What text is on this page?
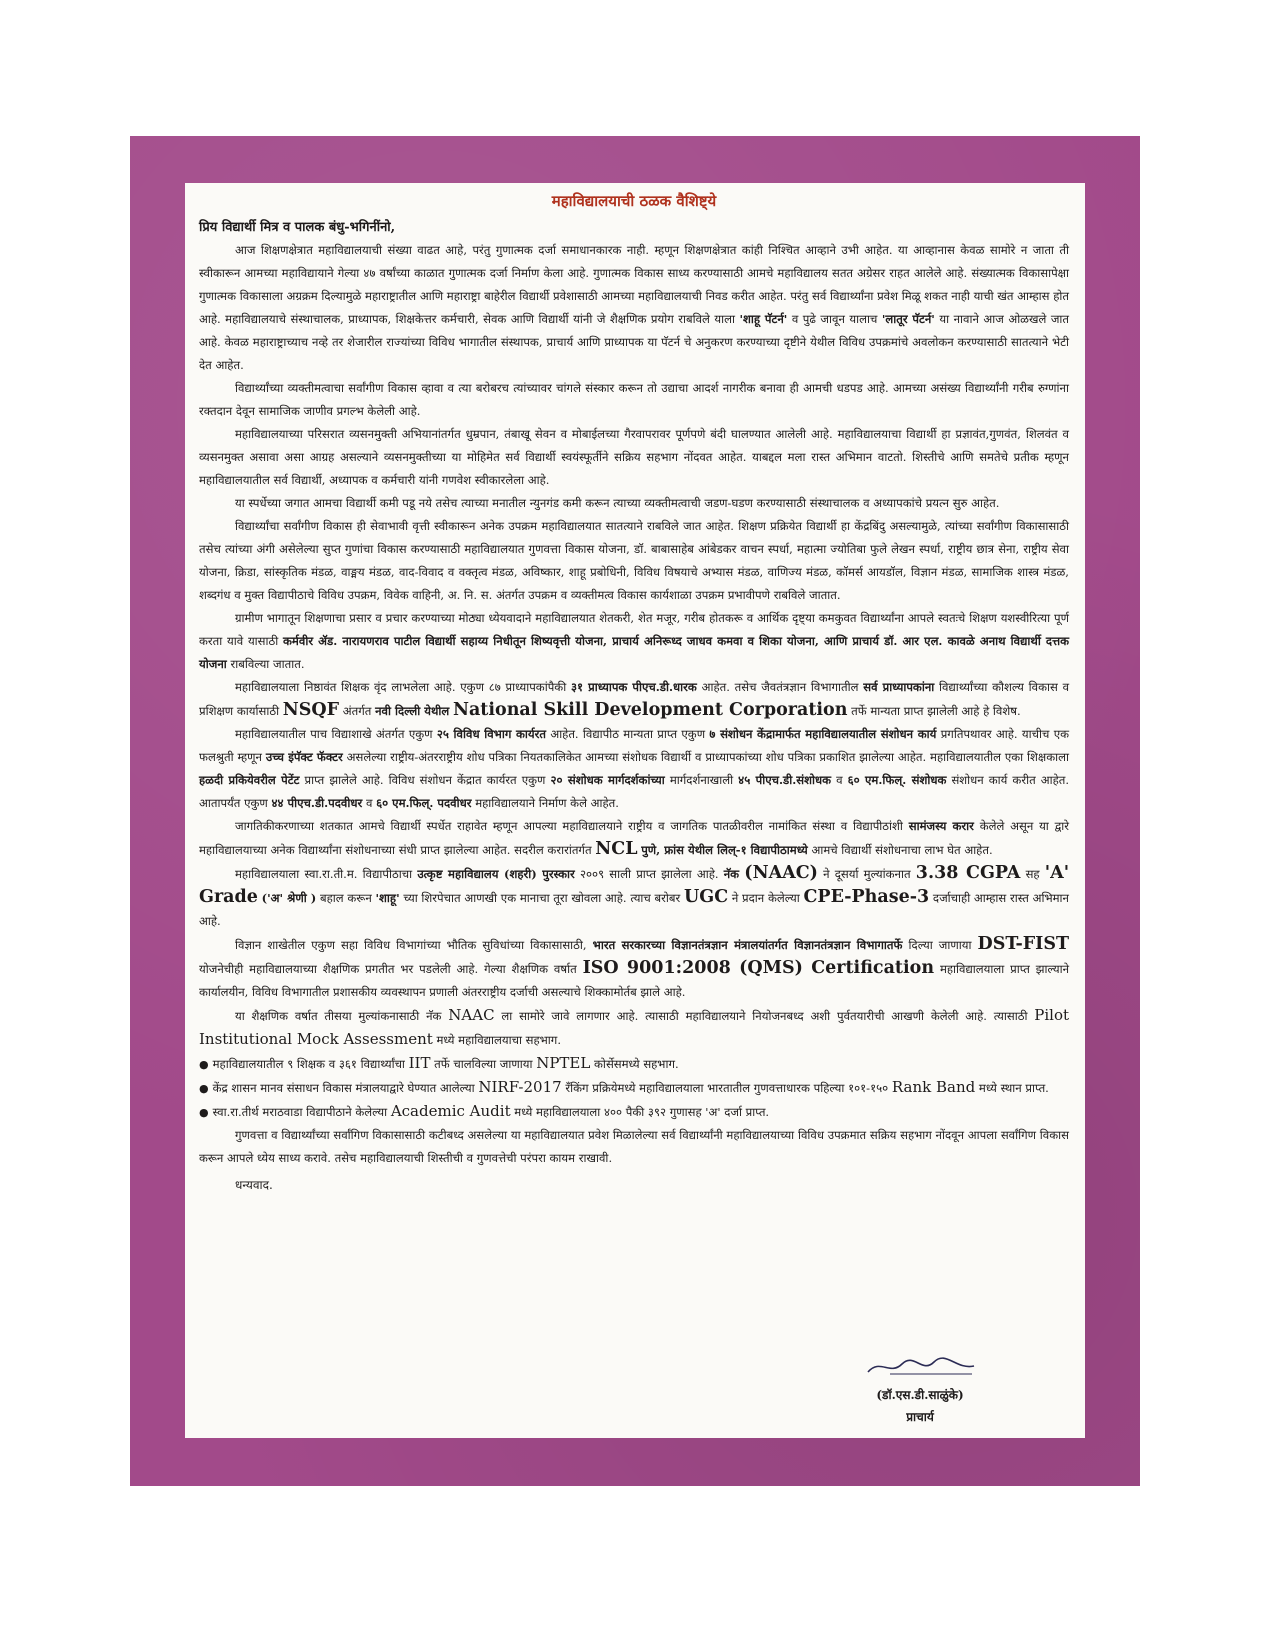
महाविद्यालयाची ठळक वैशिष्ट्ये
प्रिय विद्यार्थी मित्र व पालक बंधु-भगिनींनो,

आज शिक्षणक्षेत्रात महाविद्यालयाची संख्या वाढत आहे, परंतु गुणात्मक दर्जा समाधानकारक नाही. म्हणून शिक्षणक्षेत्रात कांही निश्चित आव्हाने उभी आहेत. या आव्हानास केवळ सामोरे न जाता ती स्वीकारून आमच्या महाविद्यायाने गेल्या ४७ वर्षांच्या काळात गुणात्मक दर्जा निर्माण केला आहे. गुणात्मक विकास साध्य करण्यासाठी आमचे महाविद्यालय सतत अग्रेसर राहत आलेले आहे. संख्यात्मक विकासापेक्षा गुणात्मक विकासाला अग्रक्रम दिल्यामुळे महाराष्ट्रातील आणि महाराष्ट्रा बाहेरील विद्यार्थी प्रवेशासाठी आमच्या महाविद्यालयाची निवड करीत आहेत. परंतु सर्व विद्यार्थ्यांना प्रवेश मिळू शकत नाही याची खंत आम्हास होत आहे. महाविद्यालयाचे संस्थाचालक, प्राध्यापक, शिक्षकेत्तर कर्मचारी, सेवक आणि विद्यार्थी यांनी जे शैक्षणिक प्रयोग राबविले याला 'शाहू पॅटर्न' व पुढे जावून यालाच 'लातूर पॅटर्न' या नावाने आज ओळखले जात आहे. केवळ महाराष्ट्राच्याच नव्हे तर शेजारील राज्यांच्या विविध भागातील संस्थापक, प्राचार्य आणि प्राध्यापक या पॅटर्न चे अनुकरण करण्याच्या दृष्टीने येथील विविध उपक्रमांचे अवलोकन करण्यासाठी सातत्याने भेटी देत आहेत.

विद्यार्थ्यांच्या व्यक्तीमत्वाचा सर्वांगीण विकास व्हावा व त्या बरोबरच त्यांच्यावर चांगले संस्कार करून तो उद्याचा आदर्श नागरीक बनावा ही आमची धडपड आहे. आमच्या असंख्य विद्यार्थ्यांनी गरीब रुग्णांना रक्तदान देवून सामाजिक जाणीव प्रगल्भ केलेली आहे.

महाविद्यालयाच्या परिसरात व्यसनमुक्ती अभियानांतर्गत धुम्रपान, तंबाखू सेवन व मोबाईलच्या गैरवापरावर पूर्णपणे बंदी घालण्यात आलेली आहे. महाविद्यालयाचा विद्यार्थी हा प्रज्ञावंत,गुणवंत, शिलवंत व व्यसनमुक्त असावा असा आग्रह असल्याने व्यसनमुक्तीच्या या मोहिमेत सर्व विद्यार्थी स्वयंस्फूर्तीने सक्रिय सहभाग नोंदवत आहेत. याबद्दल मला रास्त अभिमान वाटतो. शिस्तीचे आणि समतेचे प्रतीक म्हणून महाविद्यालयातील सर्व विद्यार्थी, अध्यापक व कर्मचारी यांनी गणवेश स्वीकारलेला आहे.

या स्पर्धेच्या जगात आमचा विद्यार्थी कमी पडू नये तसेच त्याच्या मनातील न्युनगंड कमी करून त्याच्या व्यक्तीमत्वाची जडण-घडण करण्यासाठी संस्थाचालक व अध्यापकांचे प्रयत्न सुरु आहेत.

विद्यार्थ्यांचा सर्वांगीण विकास ही सेवाभावी वृत्ती स्वीकारून अनेक उपक्रम महाविद्यालयात सातत्याने राबविले जात आहेत. शिक्षण प्रक्रियेत विद्यार्थी हा केंद्रबिंदु असल्यामुळे, त्यांच्या सर्वांगीण विकासासाठी तसेच त्यांच्या अंगी असेलेल्या सुप्त गुणांचा विकास करण्यासाठी महाविद्यालयात गुणवत्ता विकास योजना, डॉ. बाबासाहेब आंबेडकर वाचन स्पर्धा, महात्मा ज्योतिबा फुले लेखन स्पर्धा, राष्ट्रीय छात्र सेना, राष्ट्रीय सेवा योजना, क्रिडा, सांस्कृतिक मंडळ, वाङ्मय मंडळ, वाद-विवाद व वक्तृत्व मंडळ, अविष्कार, शाहू प्रबोधिनी, विविध विषयाचे अभ्यास मंडळ, वाणिज्य मंडळ, कॉमर्स आयडॉल, विज्ञान मंडळ, सामाजिक शास्त्र मंडळ, शब्दगंध व मुक्त विद्यापीठाचे विविध उपक्रम, विवेक वाहिनी, अ. नि. स. अंतर्गत उपक्रम व व्यक्तीमत्व विकास कार्यशाळा उपक्रम प्रभावीपणे राबविले जातात.

ग्रामीण भागातून शिक्षणाचा प्रसार व प्रचार करण्याच्या मोठ्या ध्येयवादाने महाविद्यालयात शेतकरी, शेत मजूर, गरीब होतकरू व आर्थिक दृष्ट्या कमकुवत विद्यार्थ्यांना आपले स्वतःचे शिक्षण यशस्वीरित्या पूर्ण करता यावे यासाठी कर्मवीर ॲड. नारायणराव पाटील विद्यार्थी सहाय्य निधीतून शिष्यवृत्ती योजना, प्राचार्य अनिरूध्द जाधव कमवा व शिका योजना, आणि प्राचार्य डॉ. आर एल. कावळे अनाथ विद्यार्थी दत्तक योजना राबविल्या जातात.

महाविद्यालयाला निष्ठावंत शिक्षक वृंद लाभलेला आहे. एकुण ८७ प्राध्यापकांपैकी ३१ प्राध्यापक पीएच.डी.धारक आहेत. तसेच जैवतंत्रज्ञान विभागातील सर्व प्राध्यापकांना विद्यार्थ्यांच्या कौशल्य विकास व प्रशिक्षण कार्यासाठी NSQF अंतर्गत नवी दिल्ली येथील National Skill Development Corporation तर्फे मान्यता प्राप्त झालेली आहे हे विशेष.

महाविद्यालयातील पाच विद्याशाखे अंतर्गत एकुण २५ विविध विभाग कार्यरत आहेत. विद्यापीठ मान्यता प्राप्त एकुण ७ संशोधन केंद्रामार्फत महाविद्यालयातील संशोधन कार्य प्रगतिपथावर आहे. याचीच एक फलश्रुती म्हणून उच्च इंपॅक्ट फॅक्टर असलेल्या राष्ट्रीय-अंतरराष्ट्रीय शोध पत्रिका नियतकालिकेत आमच्या संशोधक विद्यार्थी व प्राध्यापकांच्या शोध पत्रिका प्रकाशित झालेल्या आहेत. महाविद्यालयातील एका शिक्षकाला हळदी प्रकियेवरील पेटेंट प्राप्त झालेले आहे. विविध संशोधन केंद्रात कार्यरत एकुण २० संशोधक मार्गदर्शकांच्या मार्गदर्शनाखाली ४५ पीएच.डी.संशोधक व ६० एम.फिल्. संशोधक संशोधन कार्य करीत आहेत. आतापर्यंत एकुण ४४ पीएच.डी.पदवीधर व ६० एम.फिल्. पदवीधर महाविद्यालयाने निर्माण केले आहेत.

जागतिकीकरणाच्या शतकात आमचे विद्यार्थी स्पर्धेत राहावेत म्हणून आपल्या महाविद्यालयाने राष्ट्रीय व जागतिक पातळीवरील नामांकित संस्था व विद्यापीठांशी सामंजस्य करार केलेले असून या द्वारे महाविद्यालयाच्या अनेक विद्यार्थ्यांना संशोधनाच्या संधी प्राप्त झालेल्या आहेत. सदरील करारांतर्गत NCL पुणे, फ्रांस येथील लिल्-१ विद्यापीठामध्ये आमचे विद्यार्थी संशोधनाचा लाभ घेत आहेत.

महाविद्यालयाला स्वा.रा.ती.म. विद्यापीठाचा उत्कृष्ट महाविद्यालय (शहरी) पुरस्कार २००९ साली प्राप्त झालेला आहे. नॅक (NAAC) ने दूसर्या मुल्यांकनात 3.38 CGPA सह 'A' Grade ('अ' श्रेणी ) बहाल करून 'शाहू' च्या शिरपेचात आणखी एक मानाचा तूरा खोवला आहे. त्याच बरोबर UGC ने प्रदान केलेल्या CPE-Phase-3 दर्जाचाही आम्हास रास्त अभिमान आहे.

विज्ञान शाखेतील एकुण सहा विविध विभागांच्या भौतिक सुविधांच्या विकासासाठी, भारत सरकारच्या विज्ञानतंत्रज्ञान मंत्रालयांतर्गत विज्ञानतंत्रज्ञान विभागातर्फे दिल्या जाणाया DST-FIST योजनेचीही महाविद्यालयाच्या शैक्षणिक प्रगतीत भर पडलेली आहे. गेल्या शैक्षणिक वर्षात ISO 9001:2008 (QMS) Certification महाविद्यालयाला प्राप्त झाल्याने कार्यालयीन, विविध विभागातील प्रशासकीय व्यवस्थापन प्रणाली अंतरराष्ट्रीय दर्जाची असल्याचे शिक्कामोर्तब झाले आहे.

या शैक्षणिक वर्षात तीसया मुल्यांकनासाठी नॅक NAAC ला सामोरे जावे लागणार आहे. त्यासाठी महाविद्यालयाने नियोजनबध्द अशी पुर्वतयारीची आखणी केलेली आहे. त्यासाठी Pilot Institutional Mock Assessment मध्ये महाविद्यालयाचा सहभाग.

● महाविद्यालयातील ९ शिक्षक व ३६१ विद्यार्थ्यांचा IIT तर्फे चालविल्या जाणाया NPTEL कोर्सेसमध्ये सहभाग.
● केंद्र शासन मानव संसाधन विकास मंत्रालयाद्वारे घेण्यात आलेल्या NIRF-2017 रँकिंग प्रक्रियेमध्ये महाविद्यालयाला भारतातील गुणवत्ताधारक पहिल्या १०१-१५० Rank Band मध्ये स्थान प्राप्त.
● स्वा.रा.तीर्थ मराठवाडा विद्यापीठाने केलेल्या Academic Audit मध्ये महाविद्यालयाला ४०० पैकी ३९२ गुणासह 'अ' दर्जा प्राप्त.

गुणवत्ता व विद्यार्थ्यांच्या सर्वांगिण विकासासाठी कटीबध्द असलेल्या या महाविद्यालयात प्रवेश मिळालेल्या सर्व विद्यार्थ्यांनी महाविद्यालयाच्या विविध उपक्रमात सक्रिय सहभाग नोंदवून आपला सर्वांगिण विकास करून आपले ध्येय साध्य करावे. तसेच महाविद्यालयाची शिस्तीची व गुणवत्तेची परंपरा कायम राखावी.

धन्यवाद.
(डॉ.एस.डी.साळुंके)
प्राचार्य
